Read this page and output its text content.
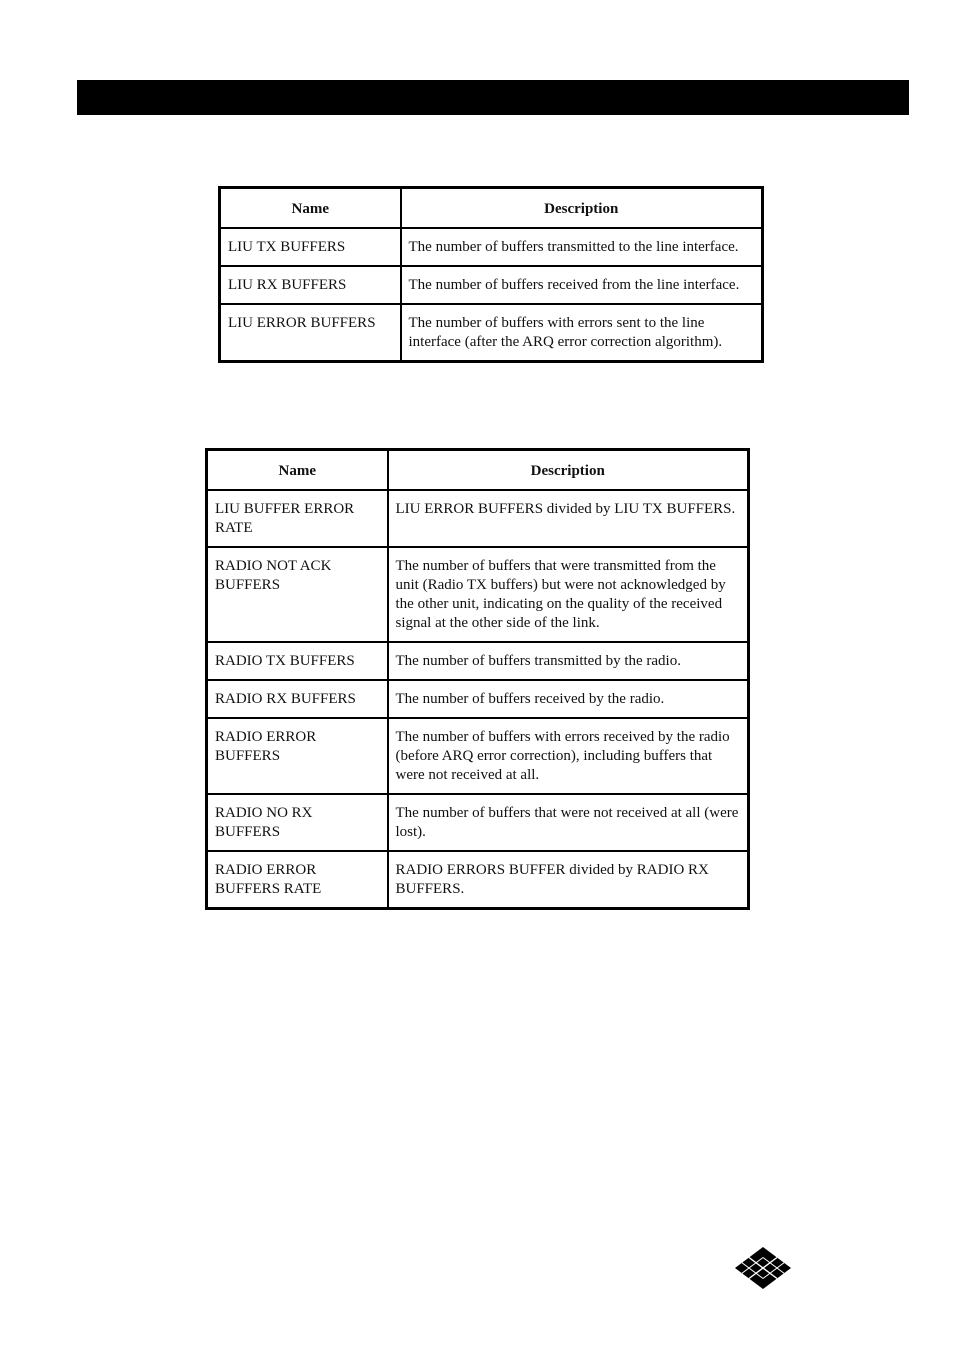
Name	Description
LIU TX BUFFERS	The number of buffers transmitted to the line interface.
LIU RX BUFFERS	The number of buffers received from the line interface.
LIU ERROR BUFFERS	The number of buffers with errors sent to the line interface (after the ARQ error correction algorithm).
Name	Description
LIU BUFFER ERROR RATE	LIU ERROR BUFFERS divided by LIU TX BUFFERS.
RADIO NOT ACK BUFFERS	The number of buffers that were transmitted from the unit (Radio TX buffers) but were not acknowledged by the other unit, indicating on the quality of the received signal at the other side of the link.
RADIO TX BUFFERS	The number of buffers transmitted by the radio.
RADIO RX BUFFERS	The number of buffers received by the radio.
RADIO ERROR BUFFERS	The number of buffers with errors received by the radio (before ARQ error correction), including buffers that were not received at all.
RADIO NO RX BUFFERS	The number of buffers that were not received at all (were lost).
RADIO ERROR BUFFERS RATE	RADIO ERRORS BUFFER divided by RADIO RX BUFFERS.
